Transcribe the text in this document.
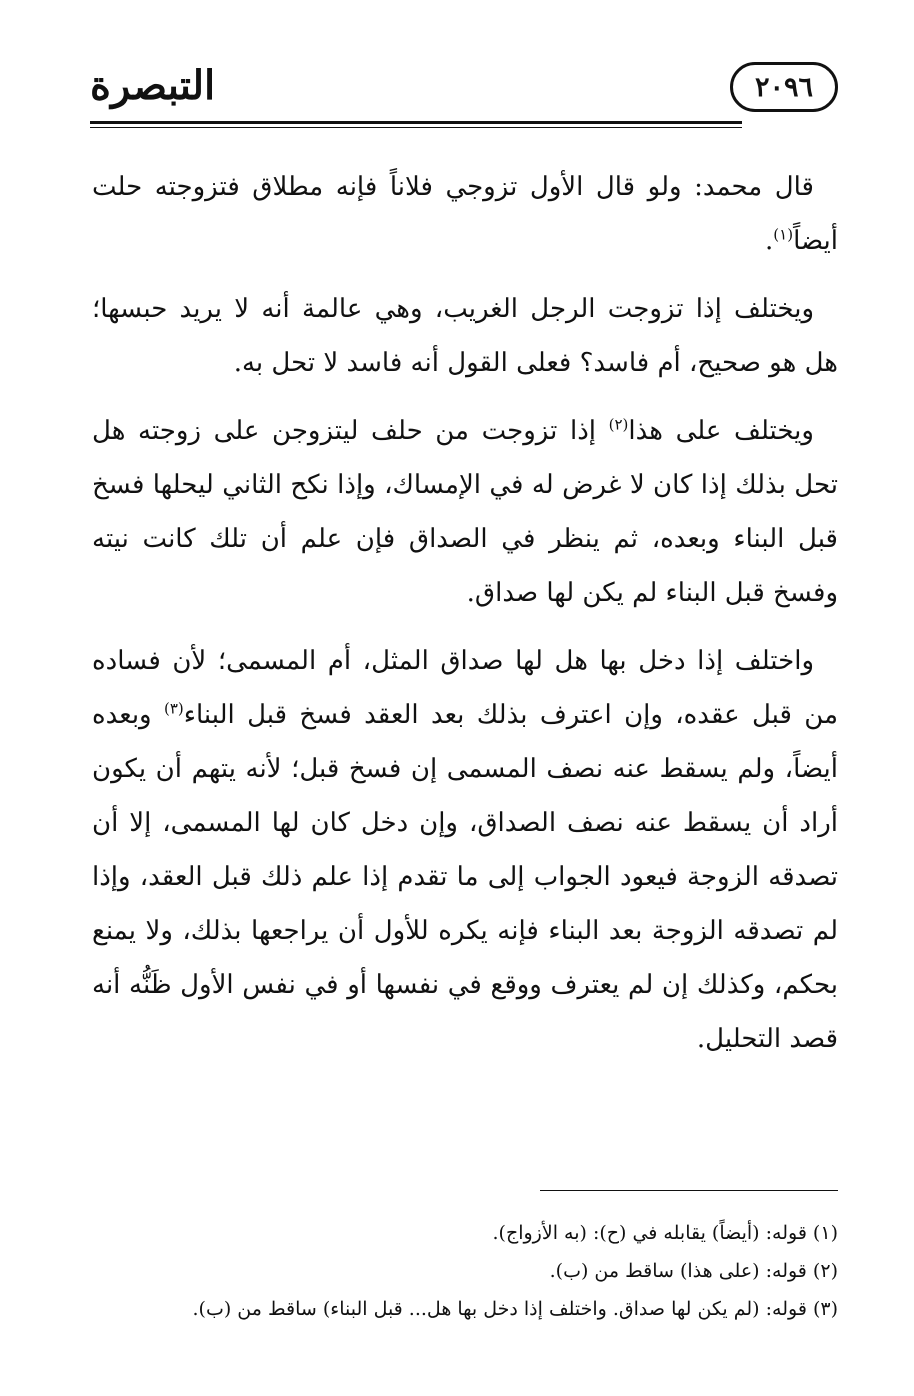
التبصرة	٢٠٩٦

قال محمد: ولو قال الأول تزوجي فلاناً فإنه مطلاق فتزوجته حلت أيضاً$^{(١)}$.

ويختلف إذا تزوجت الرجل الغريب، وهي عالمة أنه لا يريد حبسها؛ هل هو صحيح، أم فاسد؟ فعلى القول أنه فاسد لا تحل به.

ويختلف على هذا$^{(٢)}$ إذا تزوجت من حلف ليتزوجن على زوجته هل تحل بذلك إذا كان لا غرض له في الإمساك، وإذا نكح الثاني ليحلها فسخ قبل البناء وبعده، ثم ينظر في الصداق فإن علم أن تلك كانت نيته وفسخ قبل البناء لم يكن لها صداق.

واختلف إذا دخل بها هل لها صداق المثل، أم المسمى؛ لأن فساده من قبل عقده، وإن اعترف بذلك بعد العقد فسخ قبل البناء$^{(٣)}$ وبعده أيضاً، ولم يسقط عنه نصف المسمى إن فسخ قبل؛ لأنه يتهم أن يكون أراد أن يسقط عنه نصف الصداق، وإن دخل كان لها المسمى، إلا أن تصدقه الزوجة فيعود الجواب إلى ما تقدم إذا علم ذلك قبل العقد، وإذا لم تصدقه الزوجة بعد البناء فإنه يكره للأول أن يراجعها بذلك، ولا يمنع بحكم، وكذلك إن لم يعترف ووقع في نفسها أو في نفس الأول ظَنُّه أنه قصد التحليل.

(١) قوله: (أيضاً) يقابله في (ح): (به الأزواج).

(٢) قوله: (على هذا) ساقط من (ب).

(٣) قوله: (لم يكن لها صداق. واختلف إذا دخل بها هل... قبل البناء) ساقط من (ب).
